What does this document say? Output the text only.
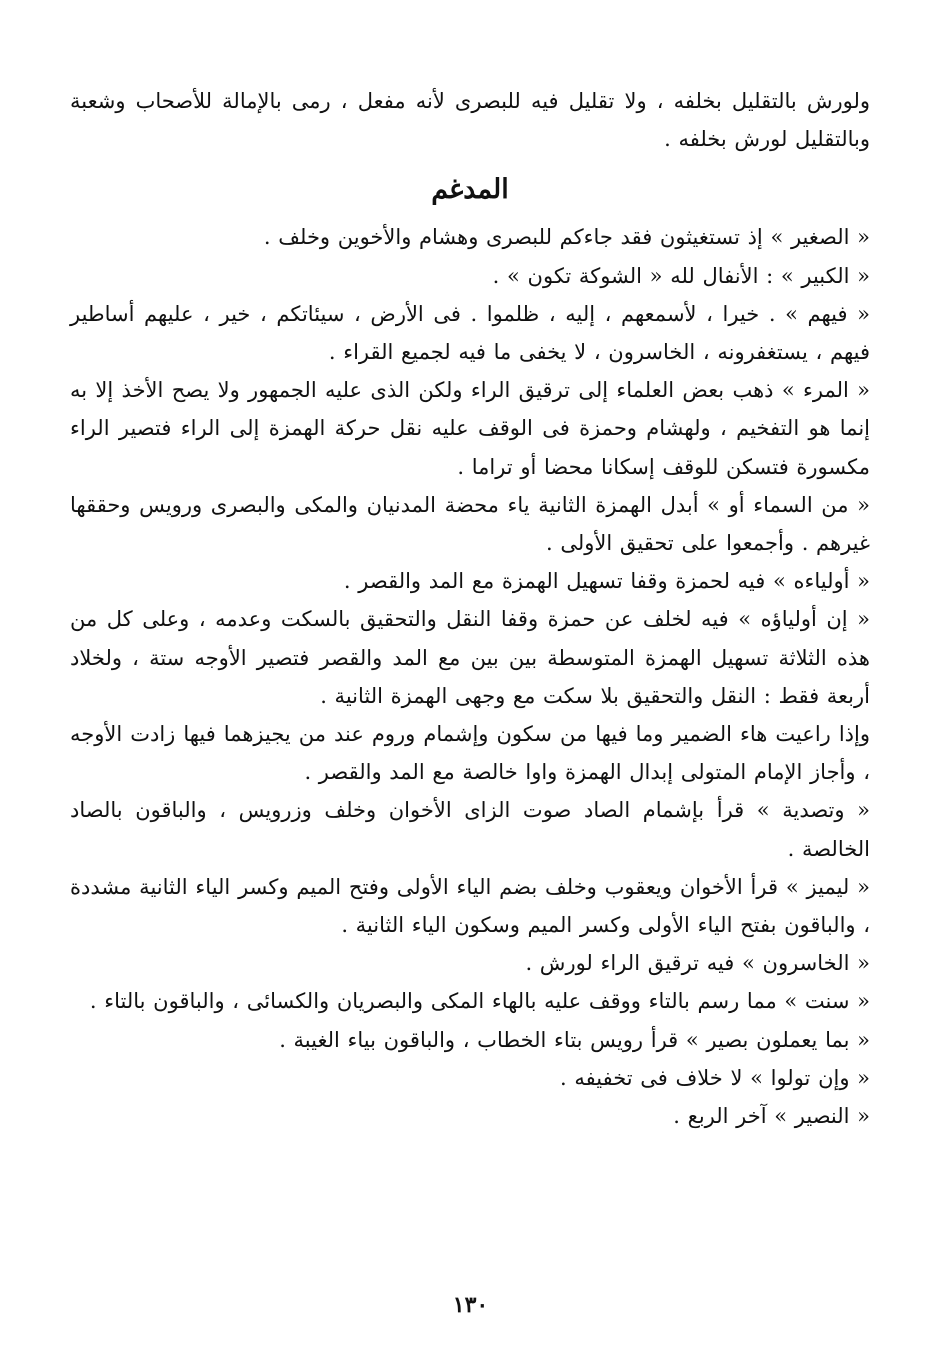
ولورش بالتقليل بخلفه ، ولا تقليل فيه للبصرى لأنه مفعل ، رمى بالإمالة للأصحاب وشعبة وبالتقليل لورش بخلفه .

المدغم

« الصغير » إذ تستغيثون فقد جاءكم للبصرى وهشام والأخوين وخلف .

« الكبير » : الأنفال لله « الشوكة تكون » .

« فيهم » . خيرا ، لأسمعهم ، إليه ، ظلموا . فى الأرض ، سيئاتكم ، خير ، عليهم أساطير فيهم ، يستغفرونه ، الخاسرون ، لا يخفى ما فيه لجميع القراء .

« المرء » ذهب بعض العلماء إلى ترقيق الراء ولكن الذى عليه الجمهور ولا يصح الأخذ إلا به إنما هو التفخيم ، ولهشام وحمزة فى الوقف عليه نقل حركة الهمزة إلى الراء فتصير الراء مكسورة فتسكن للوقف إسكانا محضا أو تراما .

« من السماء أو » أبدل الهمزة الثانية ياء محضة المدنيان والمكى والبصرى ورويس وحققها غيرهم . وأجمعوا على تحقيق الأولى .

« أولياءه » فيه لحمزة وقفا تسهيل الهمزة مع المد والقصر .

« إن أولياؤه » فيه لخلف عن حمزة وقفا النقل والتحقيق بالسكت وعدمه ، وعلى كل من هذه الثلاثة تسهيل الهمزة المتوسطة بين بين مع المد والقصر فتصير الأوجه ستة ، ولخلاد أربعة فقط : النقل والتحقيق بلا سكت مع وجهى الهمزة الثانية .

وإذا راعيت هاء الضمير وما فيها من سكون وإشمام وروم عند من يجيزهما فيها زادت الأوجه ، وأجاز الإمام المتولى إبدال الهمزة واوا خالصة مع المد والقصر .

« وتصدية » قرأ بإشمام الصاد صوت الزاى الأخوان وخلف وزرويس ، والباقون بالصاد الخالصة .

« ليميز » قرأ الأخوان ويعقوب وخلف بضم الياء الأولى وفتح الميم وكسر الياء الثانية مشددة ، والباقون بفتح الياء الأولى وكسر الميم وسكون الياء الثانية .

« الخاسرون » فيه ترقيق الراء لورش .

« سنت » مما رسم بالتاء ووقف عليه بالهاء المكى والبصريان والكسائى ، والباقون بالتاء .

« بما يعملون بصير » قرأ رويس بتاء الخطاب ، والباقون بياء الغيبة .

« وإن تولوا » لا خلاف فى تخفيفه .

« النصير » آخر الربع .

١٣٠
